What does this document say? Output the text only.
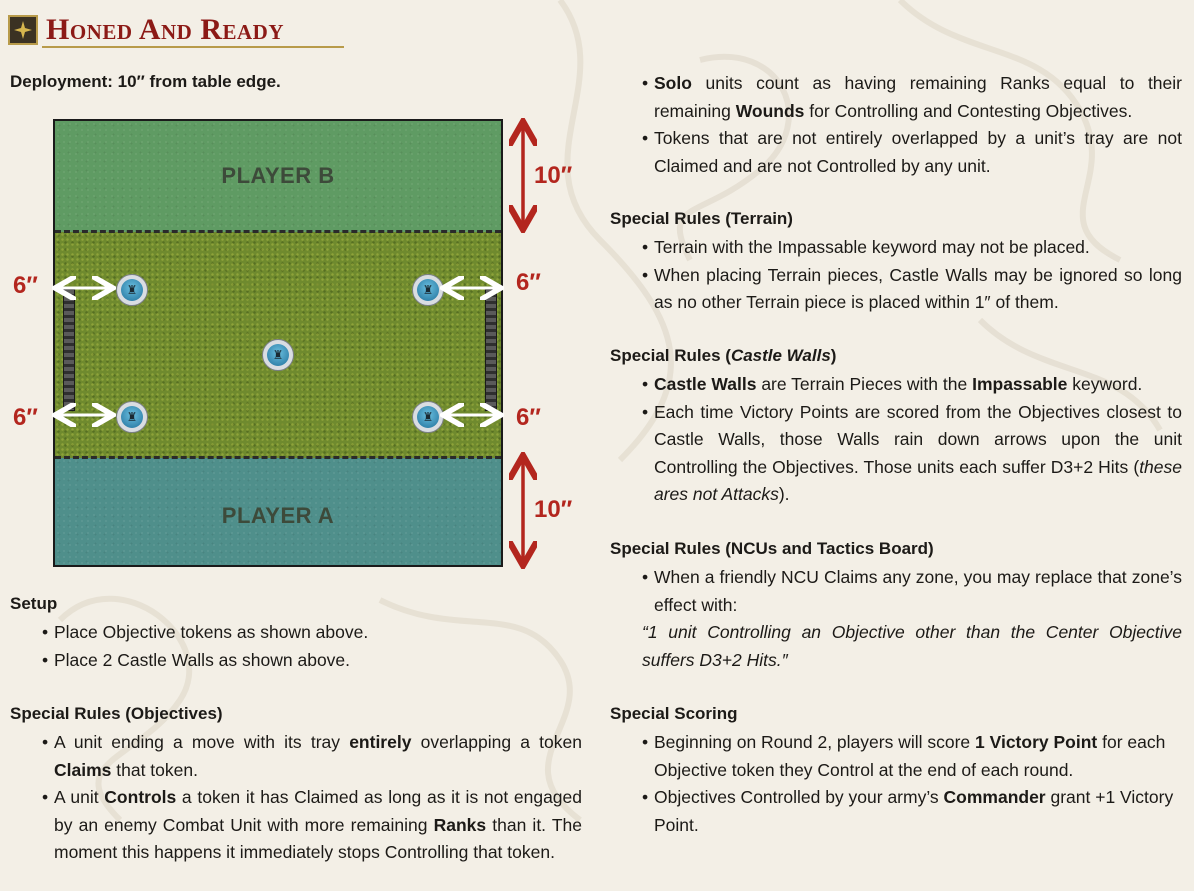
Honed And Ready
Deployment: 10″ from table edge.
PLAYER B
PLAYER A
♜	♜
♜
♜	♜
10″
10″
6″
6″
6″
6″
Setup
• Place Objective tokens as shown above.
• Place 2 Castle Walls as shown above.
Special Rules (Objectives)
• A unit ending a move with its tray entirely overlapping a token Claims that token.
• A unit Controls a token it has Claimed as long as it is not engaged by an enemy Combat Unit with more remaining Ranks than it. The moment this happens it immediately stops Controlling that token.
• Solo units count as having remaining Ranks equal to their remaining Wounds for Controlling and Contesting Objectives.
• Tokens that are not entirely overlapped by a unit’s tray are not Claimed and are not Controlled by any unit.
Special Rules (Terrain)
• Terrain with the Impassable keyword may not be placed.
• When placing Terrain pieces, Castle Walls may be ignored so long as no other Terrain piece is placed within 1″ of them.
Special Rules (Castle Walls)
• Castle Walls are Terrain Pieces with the Impassable keyword.
• Each time Victory Points are scored from the Objectives closest to Castle Walls, those Walls rain down arrows upon the unit Controlling the Objectives. Those units each suffer D3+2 Hits (these ares not Attacks).
Special Rules (NCUs and Tactics Board)
• When a friendly NCU Claims any zone, you may replace that zone’s effect with:
“1 unit Controlling an Objective other than the Center Objective suffers D3+2 Hits.″
Special Scoring
• Beginning on Round 2, players will score 1 Victory Point for each Objective token they Control at the end of each round.
• Objectives Controlled by your army’s Commander grant +1 Victory Point.
